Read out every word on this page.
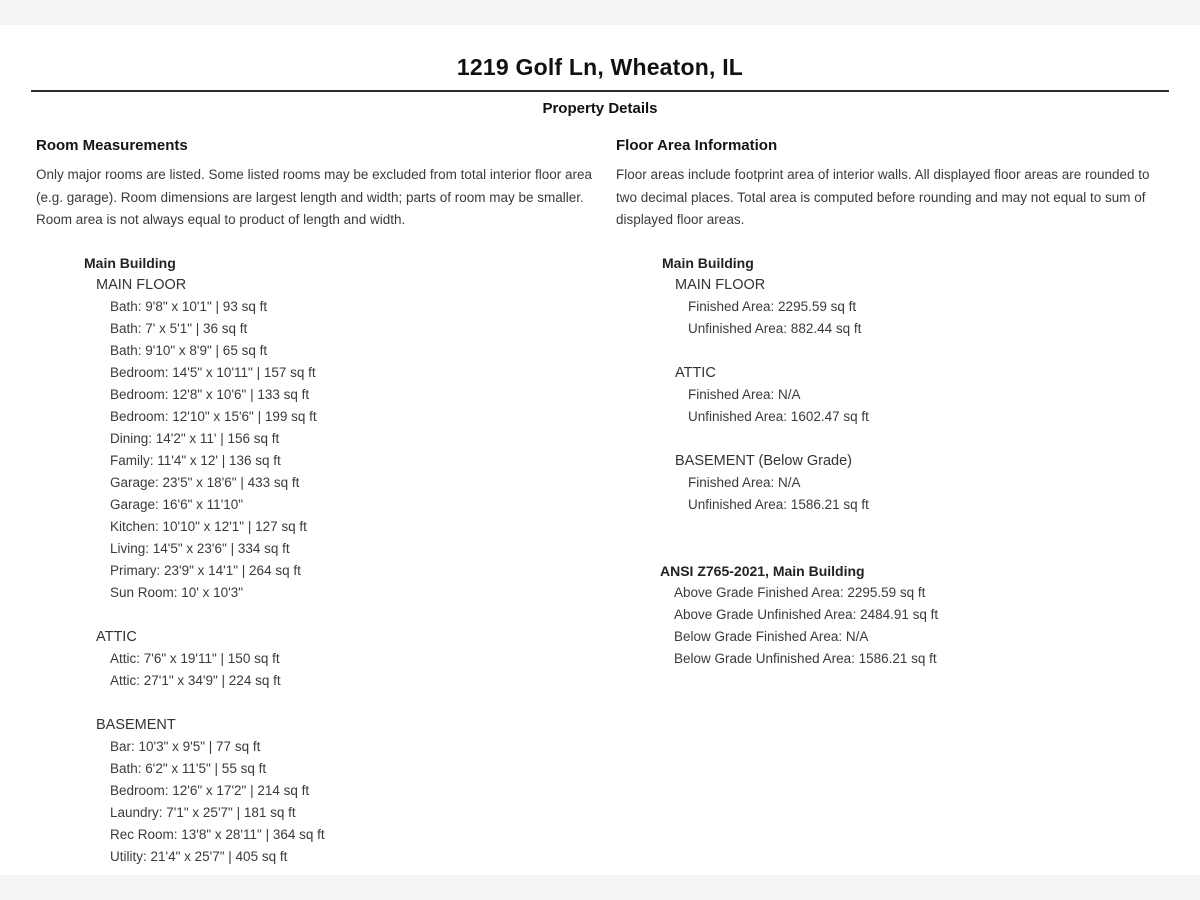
1219 Golf Ln, Wheaton, IL
Property Details
Room Measurements

Only major rooms are listed. Some listed rooms may be excluded from total interior floor area (e.g. garage). Room dimensions are largest length and width; parts of room may be smaller. Room area is not always equal to product of length and width.

Main Building
MAIN FLOOR
Bath: 9'8" x 10'1" | 93 sq ft
Bath: 7' x 5'1" | 36 sq ft
Bath: 9'10" x 8'9" | 65 sq ft
Bedroom: 14'5" x 10'11" | 157 sq ft
Bedroom: 12'8" x 10'6" | 133 sq ft
Bedroom: 12'10" x 15'6" | 199 sq ft
Dining: 14'2" x 11' | 156 sq ft
Family: 11'4" x 12' | 136 sq ft
Garage: 23'5" x 18'6" | 433 sq ft
Garage: 16'6" x 11'10"
Kitchen: 10'10" x 12'1" | 127 sq ft
Living: 14'5" x 23'6" | 334 sq ft
Primary: 23'9" x 14'1" | 264 sq ft
Sun Room: 10' x 10'3"
ATTIC
Attic: 7'6" x 19'11" | 150 sq ft
Attic: 27'1" x 34'9" | 224 sq ft
BASEMENT
Bar: 10'3" x 9'5" | 77 sq ft
Bath: 6'2" x 11'5" | 55 sq ft
Bedroom: 12'6" x 17'2" | 214 sq ft
Laundry: 7'1" x 25'7" | 181 sq ft
Rec Room: 13'8" x 28'11" | 364 sq ft
Utility: 21'4" x 25'7" | 405 sq ft
Floor Area Information

Floor areas include footprint area of interior walls. All displayed floor areas are rounded to two decimal places. Total area is computed before rounding and may not equal to sum of displayed floor areas.

Main Building
MAIN FLOOR
Finished Area: 2295.59 sq ft
Unfinished Area: 882.44 sq ft
ATTIC
Finished Area: N/A
Unfinished Area: 1602.47 sq ft
BASEMENT (Below Grade)
Finished Area: N/A
Unfinished Area: 1586.21 sq ft
ANSI Z765-2021, Main Building
Above Grade Finished Area: 2295.59 sq ft
Above Grade Unfinished Area: 2484.91 sq ft
Below Grade Finished Area: N/A
Below Grade Unfinished Area: 1586.21 sq ft
